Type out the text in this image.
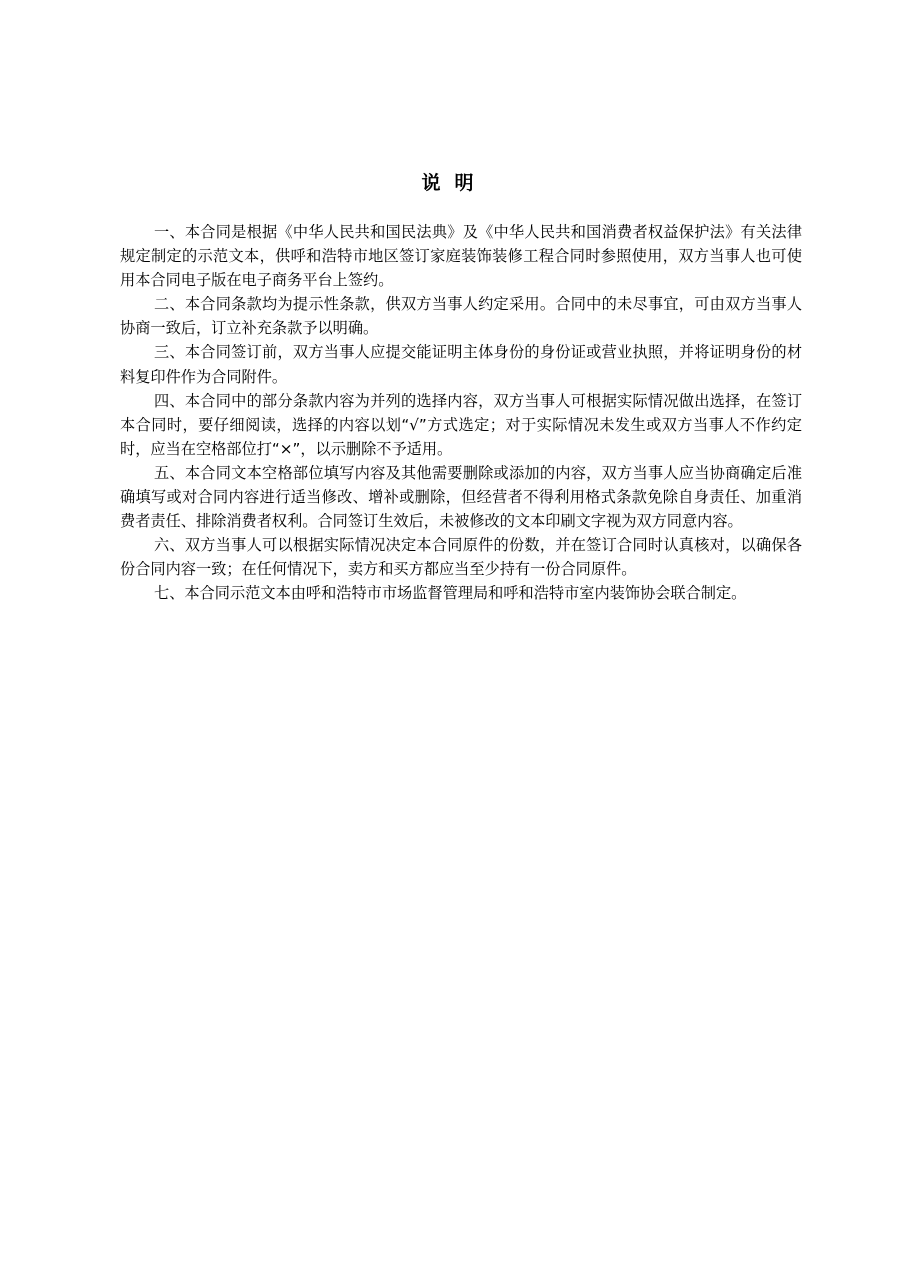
说明

一、本合同是根据《中华人民共和国民法典》及《中华人民共和国消费者权益保护法》有关法律规定制定的示范文本，供呼和浩特市地区签订家庭装饰装修工程合同时参照使用，双方当事人也可使用本合同电子版在电子商务平台上签约。

二、本合同条款均为提示性条款，供双方当事人约定采用。合同中的未尽事宜，可由双方当事人协商一致后，订立补充条款予以明确。

三、本合同签订前，双方当事人应提交能证明主体身份的身份证或营业执照，并将证明身份的材料复印件作为合同附件。

四、本合同中的部分条款内容为并列的选择内容，双方当事人可根据实际情况做出选择，在签订本合同时，要仔细阅读，选择的内容以划“√”方式选定；对于实际情况未发生或双方当事人不作约定时，应当在空格部位打“×”，以示删除不予适用。

五、本合同文本空格部位填写内容及其他需要删除或添加的内容，双方当事人应当协商确定后准确填写或对合同内容进行适当修改、增补或删除，但经营者不得利用格式条款免除自身责任、加重消费者责任、排除消费者权利。合同签订生效后，未被修改的文本印刷文字视为双方同意内容。

六、双方当事人可以根据实际情况决定本合同原件的份数，并在签订合同时认真核对，以确保各份合同内容一致；在任何情况下，卖方和买方都应当至少持有一份合同原件。

七、本合同示范文本由呼和浩特市市场监督管理局和呼和浩特市室内装饰协会联合制定。
